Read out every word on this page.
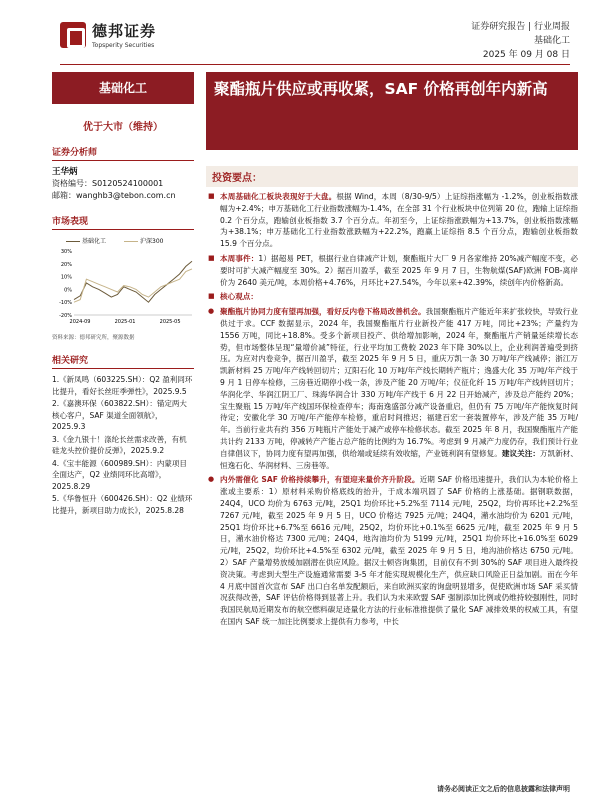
德邦证券
Topsperity Securities
证券研究报告 | 行业周报
基础化工
2025 年 09 月 08 日
基础化工
优于大市（维持）
证券分析师
王华炳
资格编号：S0120524100001
邮箱：wanghb3@tebon.com.cn
市场表现
基础化工	沪深300
30%
20%
10%
0%
-10%
-20%
2024-09	2025-01	2025-05
资料来源：德邦研究所，聚源数据
相关研究
1.《新凤鸣（603225.SH）：Q2 盈利同环比提升，看好长丝旺季弹性》，2025.9.5
2.《嘉澳环保（603822.SH）：锚定两大核心客户，SAF 渠道全面领航》，2025.9.3
3.《金九银十！涤纶长丝需求改善，有机硅龙头控价提价反弹》，2025.9.2
4.《宝丰能源（600989.SH）：内蒙项目全面达产，Q2 业绩同环比高增》，2025.8.29
5.《华鲁恒升（600426.SH）：Q2 业绩环比提升，新项目助力成长》，2025.8.28
聚酯瓶片供应或再收紧，SAF 价格再创年内新高
投资要点：
■ 本周基础化工板块表现好于大盘。根据 Wind，本周（8/30-9/5）上证综指涨幅为 -1.2%，创业板指数涨幅为+2.4%；申万基础化工行业指数涨幅为-1.4%，在全部 31 个行业板块中位列第 20 位，跑输上证综指 0.2 个百分点，跑输创业板指数 3.7 个百分点。年初至今，上证综指涨跌幅为+13.7%，创业板指数涨幅为+38.1%；申万基础化工行业指数涨跌幅为+22.2%，跑赢上证综指 8.5 个百分点，跑输创业板指数 15.9 个百分点。
■ 本周事件：1）据超易 PET，根据行业自律减产计划，聚酯瓶片大厂 9 月各家维持 20%减产幅度不变，必要时可扩大减产幅度至 30%。2）据百川盈孚，截至 2025 年 9 月 7 日，生物航煤(SAF)欧洲 FOB-离岸价为 2640 美元/吨，本周价格+4.76%，月环比+27.54%，今年以来+42.39%，续创年内价格新高。
■ 核心观点：
● 聚酯瓶片协同力度有望再加强，看好反内卷下格局改善机会。我国聚酯瓶片产能近年来扩张较快，导致行业供过于求。CCF 数据显示，2024 年，我国聚酯瓶片行业新投产能 417 万吨，同比+23%；产量约为 1556 万吨，同比+18.8%。受多个新项目投产、供给增加影响，2024 年，聚酯瓶片产销量延续增长态势，但市场整体呈现“量增价减”特征，行业平均加工费較 2023 年下降 30%以上，企业利润普遍受到挤压。为应对内卷竞争，据百川盈孚，截至 2025 年 9 月 5 日，重庆万凯一条 30 万吨/年产线减停；浙江万凯新材料 25 万吨/年产线转回切片；辽阳石化 10 万吨/年产线长期转产瓶片；逸盛大化 35 万吨/年产线于 9 月 1 日停车检修，三房巷近期停小线一条，涉及产能 20 万吨/年；仪征化纤 15 万吨/年产线转回切片；华润化学、华润江阴工厂、珠海华润合计 330 万吨/年产线于 6 月 22 日开始减产，涉及总产能约 20%；宝生聚瓶 15 万吨/年产线国环保检查停车；海南逸盛部分减产设备重启，但仍有 75 万吨/年产能恢复时间待定；安徽化学 30 万吨/年产能停车检修，重启时间推迟；福建百宏一套装置停车，涉及产能 35 万吨/年。当前行业共有约 356 万吨瓶片产能处于减产或停车检修状态。截至 2025 年 8 月，我国聚酯瓶片产能共计约 2133 万吨，停减转产产能占总产能的比例约为 16.7%。考虑到 9 月减产力度仍存，我们预计行业自律倡议下，协同力度有望再加强，供给端或延续有效收缩，产业链利润有望修复。建议关注：万凯新材、恒逸石化、华润材料、三房巷等。
● 内外需催化 SAF 价格持续攀升，有望迎来量价齐升阶段。近期 SAF 价格迅速提升，我们认为本轮价格上涨或主要系：1）原材料采购价格底线的抬升，于成本端巩固了 SAF 价格的上涨基础。据钢联数据，24Q4，UCO 均价为 6763 元/吨，25Q1 均价环比+5.2%至 7114 元/吨，25Q2，均价再环比+2.2%至 7267 元/吨，截至 2025 年 9 月 5 日，UCO 价格达 7925 元/吨；24Q4，潲水油均价为 6201 元/吨，25Q1 均价环比+6.7%至 6616 元/吨，25Q2，均价环比+0.1%至 6625 元/吨，截至 2025 年 9 月 5 日，潲水油价格达 7300 元/吨；24Q4，地沟油均价为 5199 元/吨，25Q1 均价环比+16.0%至 6029 元/吨，25Q2，均价环比+4.5%至 6302 元/吨，截至 2025 年 9 月 5 日，地沟油价格达 6750 元/吨。2）SAF 产量增势放缓加剧潜在供应风险。据汉士顿咨询集团，目前仅有不到 30%的 SAF 项目进入最终投资决策。考虑到大型生产设施通常需要 3-5 年才能实现规模化生产，供应缺口风险正日益加剧。而在今年 4 月底中国首次宣布 SAF 出口白名单发配额后，来自欧洲买家的询盘明显增多，促使欧洲市场 SAF 采买情况获得改善，SAF 评估价格得到显著上升。我们认为未来欧盟 SAF 强制添加比例或仍维持较强刚性，同时我国民航局近期发布的航空燃料碳足迹量化方法的行业标准推提供了量化 SAF 减排效果的权威工具，有望在国内 SAF 统一加注比例要求上提供有力参考，中长
请务必阅读正文之后的信息披露和法律声明
